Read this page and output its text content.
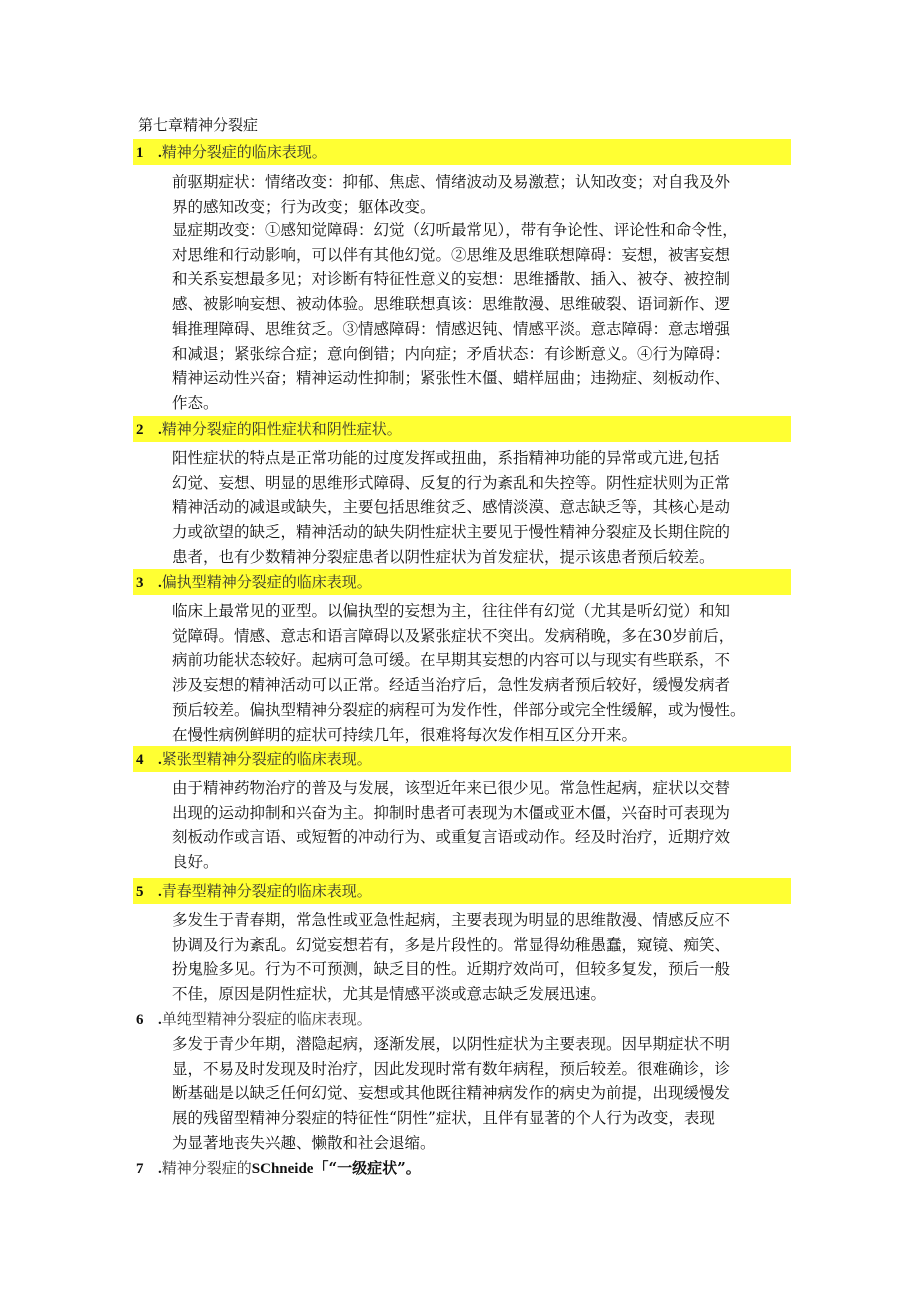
第七章精神分裂症
1 .精神分裂症的临床表现。
前驱期症状：情绪改变：抑郁、焦虑、情绪波动及易激惹；认知改变；对自我及外
界的感知改变；行为改变；躯体改变。
显症期改变：①感知觉障碍：幻觉（幻听最常见），带有争论性、评论性和命令性，
对思维和行动影响，可以伴有其他幻觉。②思维及思维联想障碍：妄想，被害妄想
和关系妄想最多见；对诊断有特征性意义的妄想：思维播散、插入、被夺、被控制
感、被影响妄想、被动体验。思维联想真该：思维散漫、思维破裂、语词新作、逻
辑推理障碍、思维贫乏。③情感障碍：情感迟钝、情感平淡。意志障碍：意志增强
和减退；紧张综合症；意向倒错；内向症；矛盾状态：有诊断意义。④行为障碍：
精神运动性兴奋；精神运动性抑制；紧张性木僵、蜡样屈曲；违拗症、刻板动作、
作态。
2 .精神分裂症的阳性症状和阴性症状。
阳性症状的特点是正常功能的过度发挥或扭曲，系指精神功能的异常或亢进,包括
幻觉、妄想、明显的思维形式障碍、反复的行为紊乱和失控等。阴性症状则为正常
精神活动的减退或缺失，主要包括思维贫乏、感情淡漠、意志缺乏等，其核心是动
力或欲望的缺乏，精神活动的缺失阴性症状主要见于慢性精神分裂症及长期住院的
患者，也有少数精神分裂症患者以阴性症状为首发症状，提示该患者预后较差。
3 .偏执型精神分裂症的临床表现。
临床上最常见的亚型。以偏执型的妄想为主，往往伴有幻觉（尤其是听幻觉）和知
觉障碍。情感、意志和语言障碍以及紧张症状不突出。发病稍晚，多在30岁前后，
病前功能状态较好。起病可急可缓。在早期其妄想的内容可以与现实有些联系，不
涉及妄想的精神活动可以正常。经适当治疗后，急性发病者预后较好，缓慢发病者
预后较差。偏执型精神分裂症的病程可为发作性，伴部分或完全性缓解，或为慢性。
在慢性病例鲜明的症状可持续几年，很难将每次发作相互区分开来。
4 .紧张型精神分裂症的临床表现。
由于精神药物治疗的普及与发展，该型近年来已很少见。常急性起病，症状以交替
出现的运动抑制和兴奋为主。抑制时患者可表现为木僵或亚木僵，兴奋时可表现为
刻板动作或言语、或短暂的冲动行为、或重复言语或动作。经及时治疗，近期疗效
良好。
5 .青春型精神分裂症的临床表现。
多发生于青春期，常急性或亚急性起病，主要表现为明显的思维散漫、情感反应不
协调及行为紊乱。幻觉妄想若有，多是片段性的。常显得幼稚愚蠢，窥镜、痴笑、
扮鬼脸多见。行为不可预测，缺乏目的性。近期疗效尚可，但较多复发，预后一般
不佳，原因是阴性症状，尤其是情感平淡或意志缺乏发展迅速。
6 .单纯型精神分裂症的临床表现。
多发于青少年期，潜隐起病，逐渐发展，以阴性症状为主要表现。因早期症状不明
显，不易及时发现及时治疗，因此发现时常有数年病程，预后较差。很难确诊，诊
断基础是以缺乏任何幻觉、妄想或其他既往精神病发作的病史为前提，出现缓慢发
展的残留型精神分裂症的特征性“阴性”症状，且伴有显著的个人行为改变，表现
为显著地丧失兴趣、懒散和社会退缩。
7 .精神分裂症的SChneide「“一级症状”。
